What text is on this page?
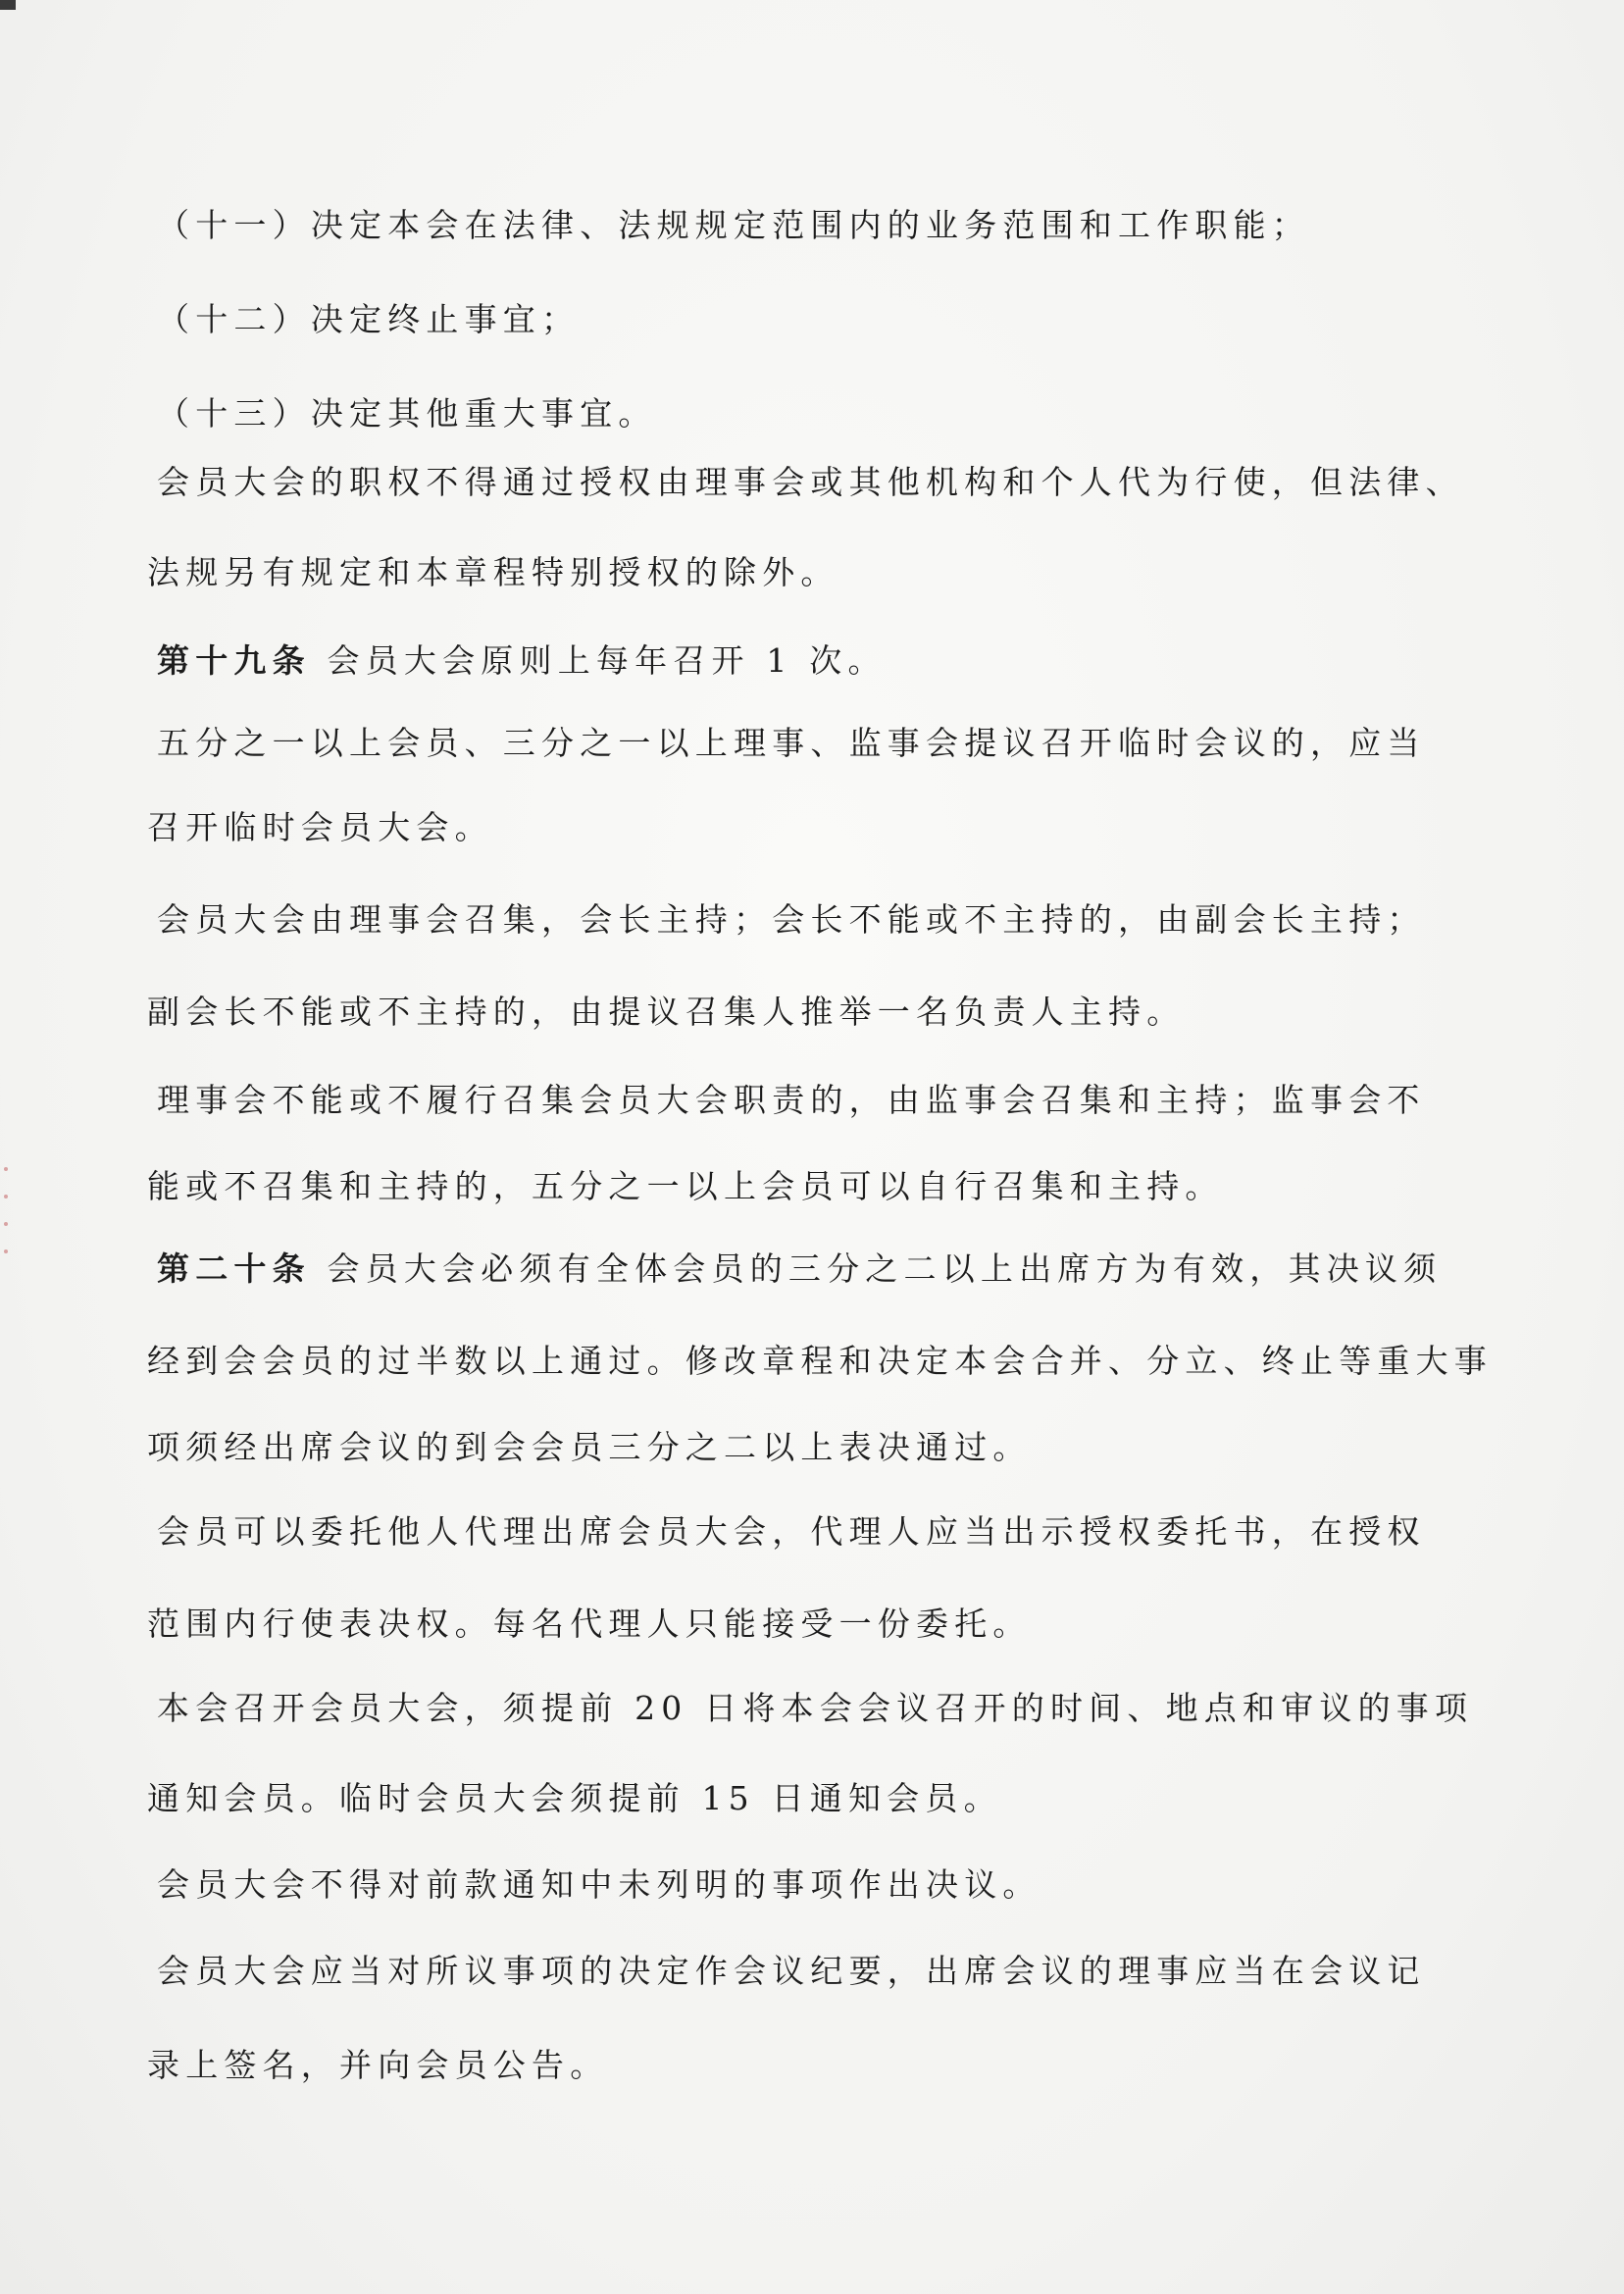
（十一）决定本会在法律、法规规定范围内的业务范围和工作职能；
（十二）决定终止事宜；
（十三）决定其他重大事宜。
会员大会的职权不得通过授权由理事会或其他机构和个人代为行使，但法律、
法规另有规定和本章程特别授权的除外。
第十九条 会员大会原则上每年召开 1 次。
五分之一以上会员、三分之一以上理事、监事会提议召开临时会议的，应当
召开临时会员大会。
会员大会由理事会召集，会长主持；会长不能或不主持的，由副会长主持；
副会长不能或不主持的，由提议召集人推举一名负责人主持。
理事会不能或不履行召集会员大会职责的，由监事会召集和主持；监事会不
能或不召集和主持的，五分之一以上会员可以自行召集和主持。
第二十条 会员大会必须有全体会员的三分之二以上出席方为有效，其决议须
经到会会员的过半数以上通过。修改章程和决定本会合并、分立、终止等重大事
项须经出席会议的到会会员三分之二以上表决通过。
会员可以委托他人代理出席会员大会，代理人应当出示授权委托书，在授权
范围内行使表决权。每名代理人只能接受一份委托。
本会召开会员大会，须提前 20 日将本会会议召开的时间、地点和审议的事项
通知会员。临时会员大会须提前 15 日通知会员。
会员大会不得对前款通知中未列明的事项作出决议。
会员大会应当对所议事项的决定作会议纪要，出席会议的理事应当在会议记
录上签名，并向会员公告。
